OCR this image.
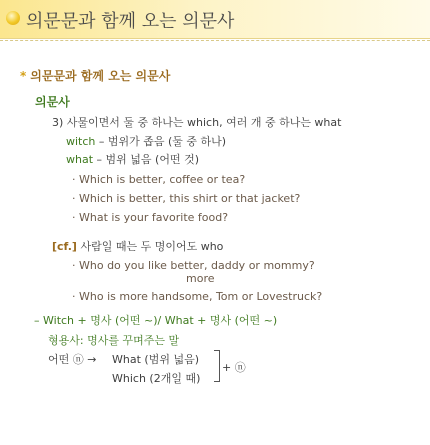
의문문과 함께 오는 의문사
* 의문문과 함께 오는 의문사
의문사
3) 사물이면서 둘 중 하나는 which, 여러 개 중 하나는 what
witch – 범위가 좁음 (둘 중 하나)
what – 범위 넓음 (어떤 것)
· Which is better, coffee or tea?
· Which is better, this shirt or that jacket?
· What is your favorite food?
[cf.] 사람일 때는 두 명이어도 who
· Who do you like better, daddy or mommy?
more
· Who is more handsome, Tom or Lovestruck?
– Witch + 명사 (어떤 ~)/ What + 명사 (어떤 ~)
형용사: 명사를 꾸며주는 말
어떤 ⓝ → What (범위 넓음)
Which (2개일 때)
+ ⓝ
